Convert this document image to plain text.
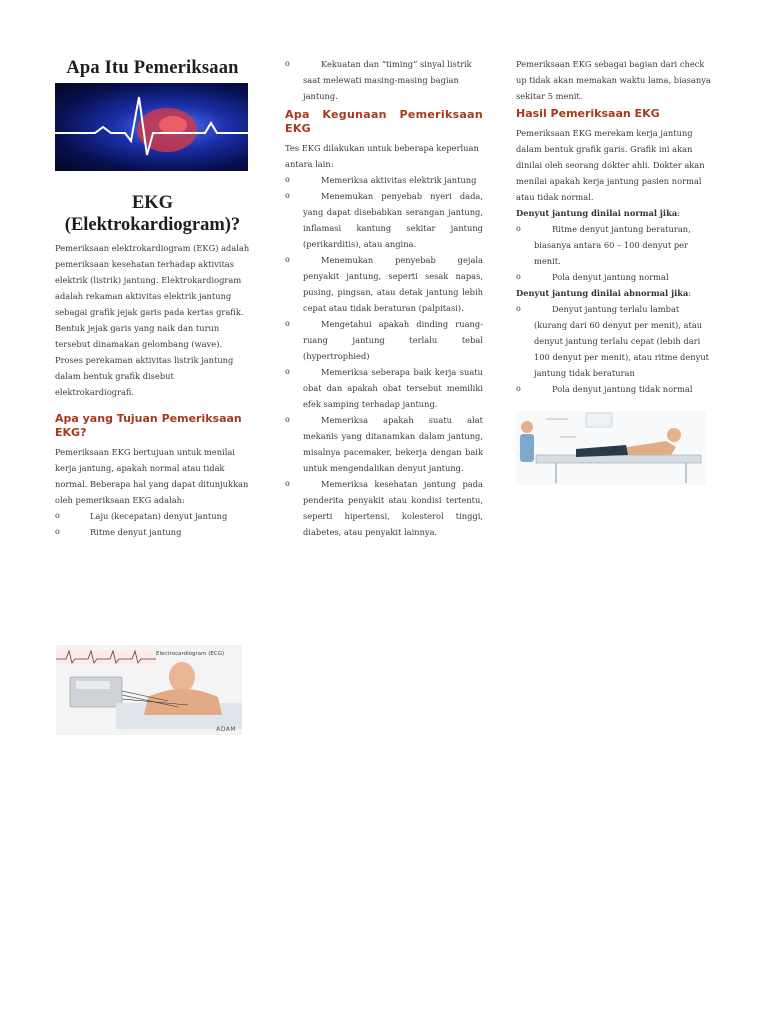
Apa Itu Pemeriksaan
EKG (Elektrokardiogram)?

Pemeriksaan elektrokardiogram (EKG) adalah pemeriksaan kesehatan terhadap aktivitas elektrik (listrik) jantung. Elektrokardiogram adalah rekaman aktivitas elektrik jantung sebagai grafik jejak garis pada kertas grafik. Bentuk jejak garis yang naik dan turun tersebut dinamakan gelombang (wave). Proses perekaman aktivitas listrik jantung dalam bentuk grafik disebut elektrokardiografi.

Apa yang Tujuan Pemeriksaan EKG?

Pemeriksaan EKG bertujuan untuk menilai kerja jantung, apakah normal atau tidak normal. Beberapa hal yang dapat ditunjukkan oleh pemeriksaan EKG adalah:

o	Laju (kecepatan) denyut jantung
o	Ritme denyut jantung
Electrocardiogram (ECG)
ADAM
o	Kekuatan dan “timing” sinyal listrik saat melewati masing-masing bagian jantung.
Apa Kegunaan Pemeriksaan EKG

Tes EKG dilakukan untuk beberapa keperluan antara lain:

o	Memeriksa aktivitas elektrik jantung
o	Menemukan penyebab nyeri dada, yang dapat disebabkan serangan jantung, inflamasi kantung sekitar jantung (perikarditis), atau angina.
o	Menemukan penyebab gejala penyakit jantung, seperti sesak napas, pusing, pingsan, atau detak jantung lebih cepat atau tidak beraturan (palpitasi).
o	Mengetahui apakah dinding ruang-ruang jantung terlalu tebal (hypertrophied)
o	Memeriksa seberapa baik kerja suatu obat dan apakah obat tersebut memiliki efek samping terhadap jantung.
o	Memeriksa apakah suatu alat mekanis yang ditanamkan dalam jantung, misalnya pacemaker, bekerja dengan baik untuk mengendalikan denyut jantung.
o	Memeriksa kesehatan jantung pada penderita penyakit atau kondisi tertentu, seperti hipertensi, kolesterol tinggi, diabetes, atau penyakit lainnya.

Pemeriksaan EKG sebagai bagian dari check up tidak akan memakan waktu lama, biasanya sekitar 5 menit.

Hasil Pemeriksaan EKG

Pemeriksaan EKG merekam kerja jantung dalam bentuk grafik garis. Grafik ini akan dinilai oleh seorang dokter ahli. Dokter akan menilai apakah kerja jantung pasien normal atau tidak normal.

Denyut jantung dinilai normal jika:
o	Ritme denyut jantung beraturan, biasanya antara 60 – 100 denyut per menit.
o	Pola denyut jantung normal
Denyut jantung dinilai abnormal jika:
o	Denyut jantung terlalu lambat (kurang dari 60 denyut per menit), atau denyut jantung terlalu cepat (lebih dari 100 denyut per menit), atau ritme denyut jantung tidak beraturan
o	Pola denyut jantung tidak normal
